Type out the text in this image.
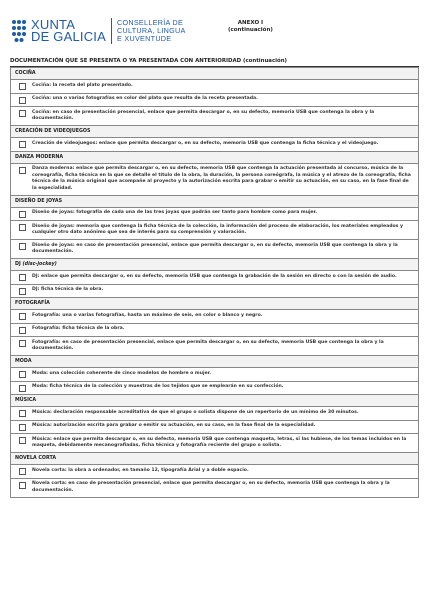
XUNTA
DE GALICIA
CONSELLERÍA DE
CULTURA, LINGUA
E XUVENTUDE
ANEXO I
(continuación)
DOCUMENTACIÓN QUE SE PRESENTA O YA PRESENTADA CON ANTERIORIDAD (continuación)
COCIÑA
Cociña: la receta del plato presentado.
Cociña: una o varias fotografías en color del plato que resulta de la receta presentada.
Cociña: en caso de presentación presencial, enlace que permita descargar o, en su defecto, memoria USB que contenga la obra y la documentación.
CREACIÓN DE VIDEOJUEGOS
Creación de videojuegos: enlace que permita descargar o, en su defecto, memoria USB que contenga la ficha técnica y el videojuego.
DANZA MODERNA
Danza moderna: enlace que permita descargar o, en su defecto, memoria USB que contenga la actuación presentada al concurso, música de la coreografía, ficha técnica en la que se detalle el título de la obra, la duración, la persona coreógrafa, la música y el atrezo de la coreografía, ficha técnica de la música original que acompañe al proyecto y la autorización escrita para grabar o emitir su actuación, en su caso, en la fase final de la especialidad.
DISEÑO DE JOYAS
Diseño de joyas: fotografía de cada una de las tres joyas que podrán ser tanto para hombre como para mujer.
Diseño de joyas: memoria que contenga la ficha técnica de la colección, la información del proceso de elaboración, los materiales empleados y cualquier otro dato anónimo que sea de interés para su comprensión y valoración.
Diseño de joyas: en caso de presentación presencial, enlace que permita descargar o, en su defecto, memoria USB que contenga la obra y la documentación.
DJ (disc-jockey)
DJ: enlace que permita descargar o, en su defecto, memoria USB que contenga la grabación de la sesión en directo o con la sesión de audio.
DJ: ficha técnica de la obra.
FOTOGRAFÍA
Fotografía: una o varias fotografías, hasta un máximo de seis, en color o blanco y negro.
Fotografía: ficha técnica de la obra.
Fotografía: en caso de presentación presencial, enlace que permita descargar o, en su defecto, memoria USB que contenga la obra y la documentación.
MODA
Moda: una colección coherente de cinco modelos de hombre o mujer.
Moda: ficha técnica de la colección y muestras de los tejidos que se emplearán en su confección.
MÚSICA
Música: declaración responsable acreditativa de que el grupo o solista dispone de un repertorio de un mínimo de 30 minutos.
Música: autorización escrita para grabar o emitir su actuación, en su caso, en la fase final de la especialidad.
Música: enlace que permita descargar o, en su defecto, memoria USB que contenga maqueta, letras, si las hubiese, de los temas incluidos en la maqueta, debidamente mecanografiadas, ficha técnica y fotografía reciente del grupo o solista.
NOVELA CORTA
Novela corta: la obra a ordenador, en tamaño 12, tipografía Arial y a doble espacio.
Novela corta: en caso de presentación presencial, enlace que permita descargar o, en su defecto, memoria USB que contenga la obra y la documentación.
